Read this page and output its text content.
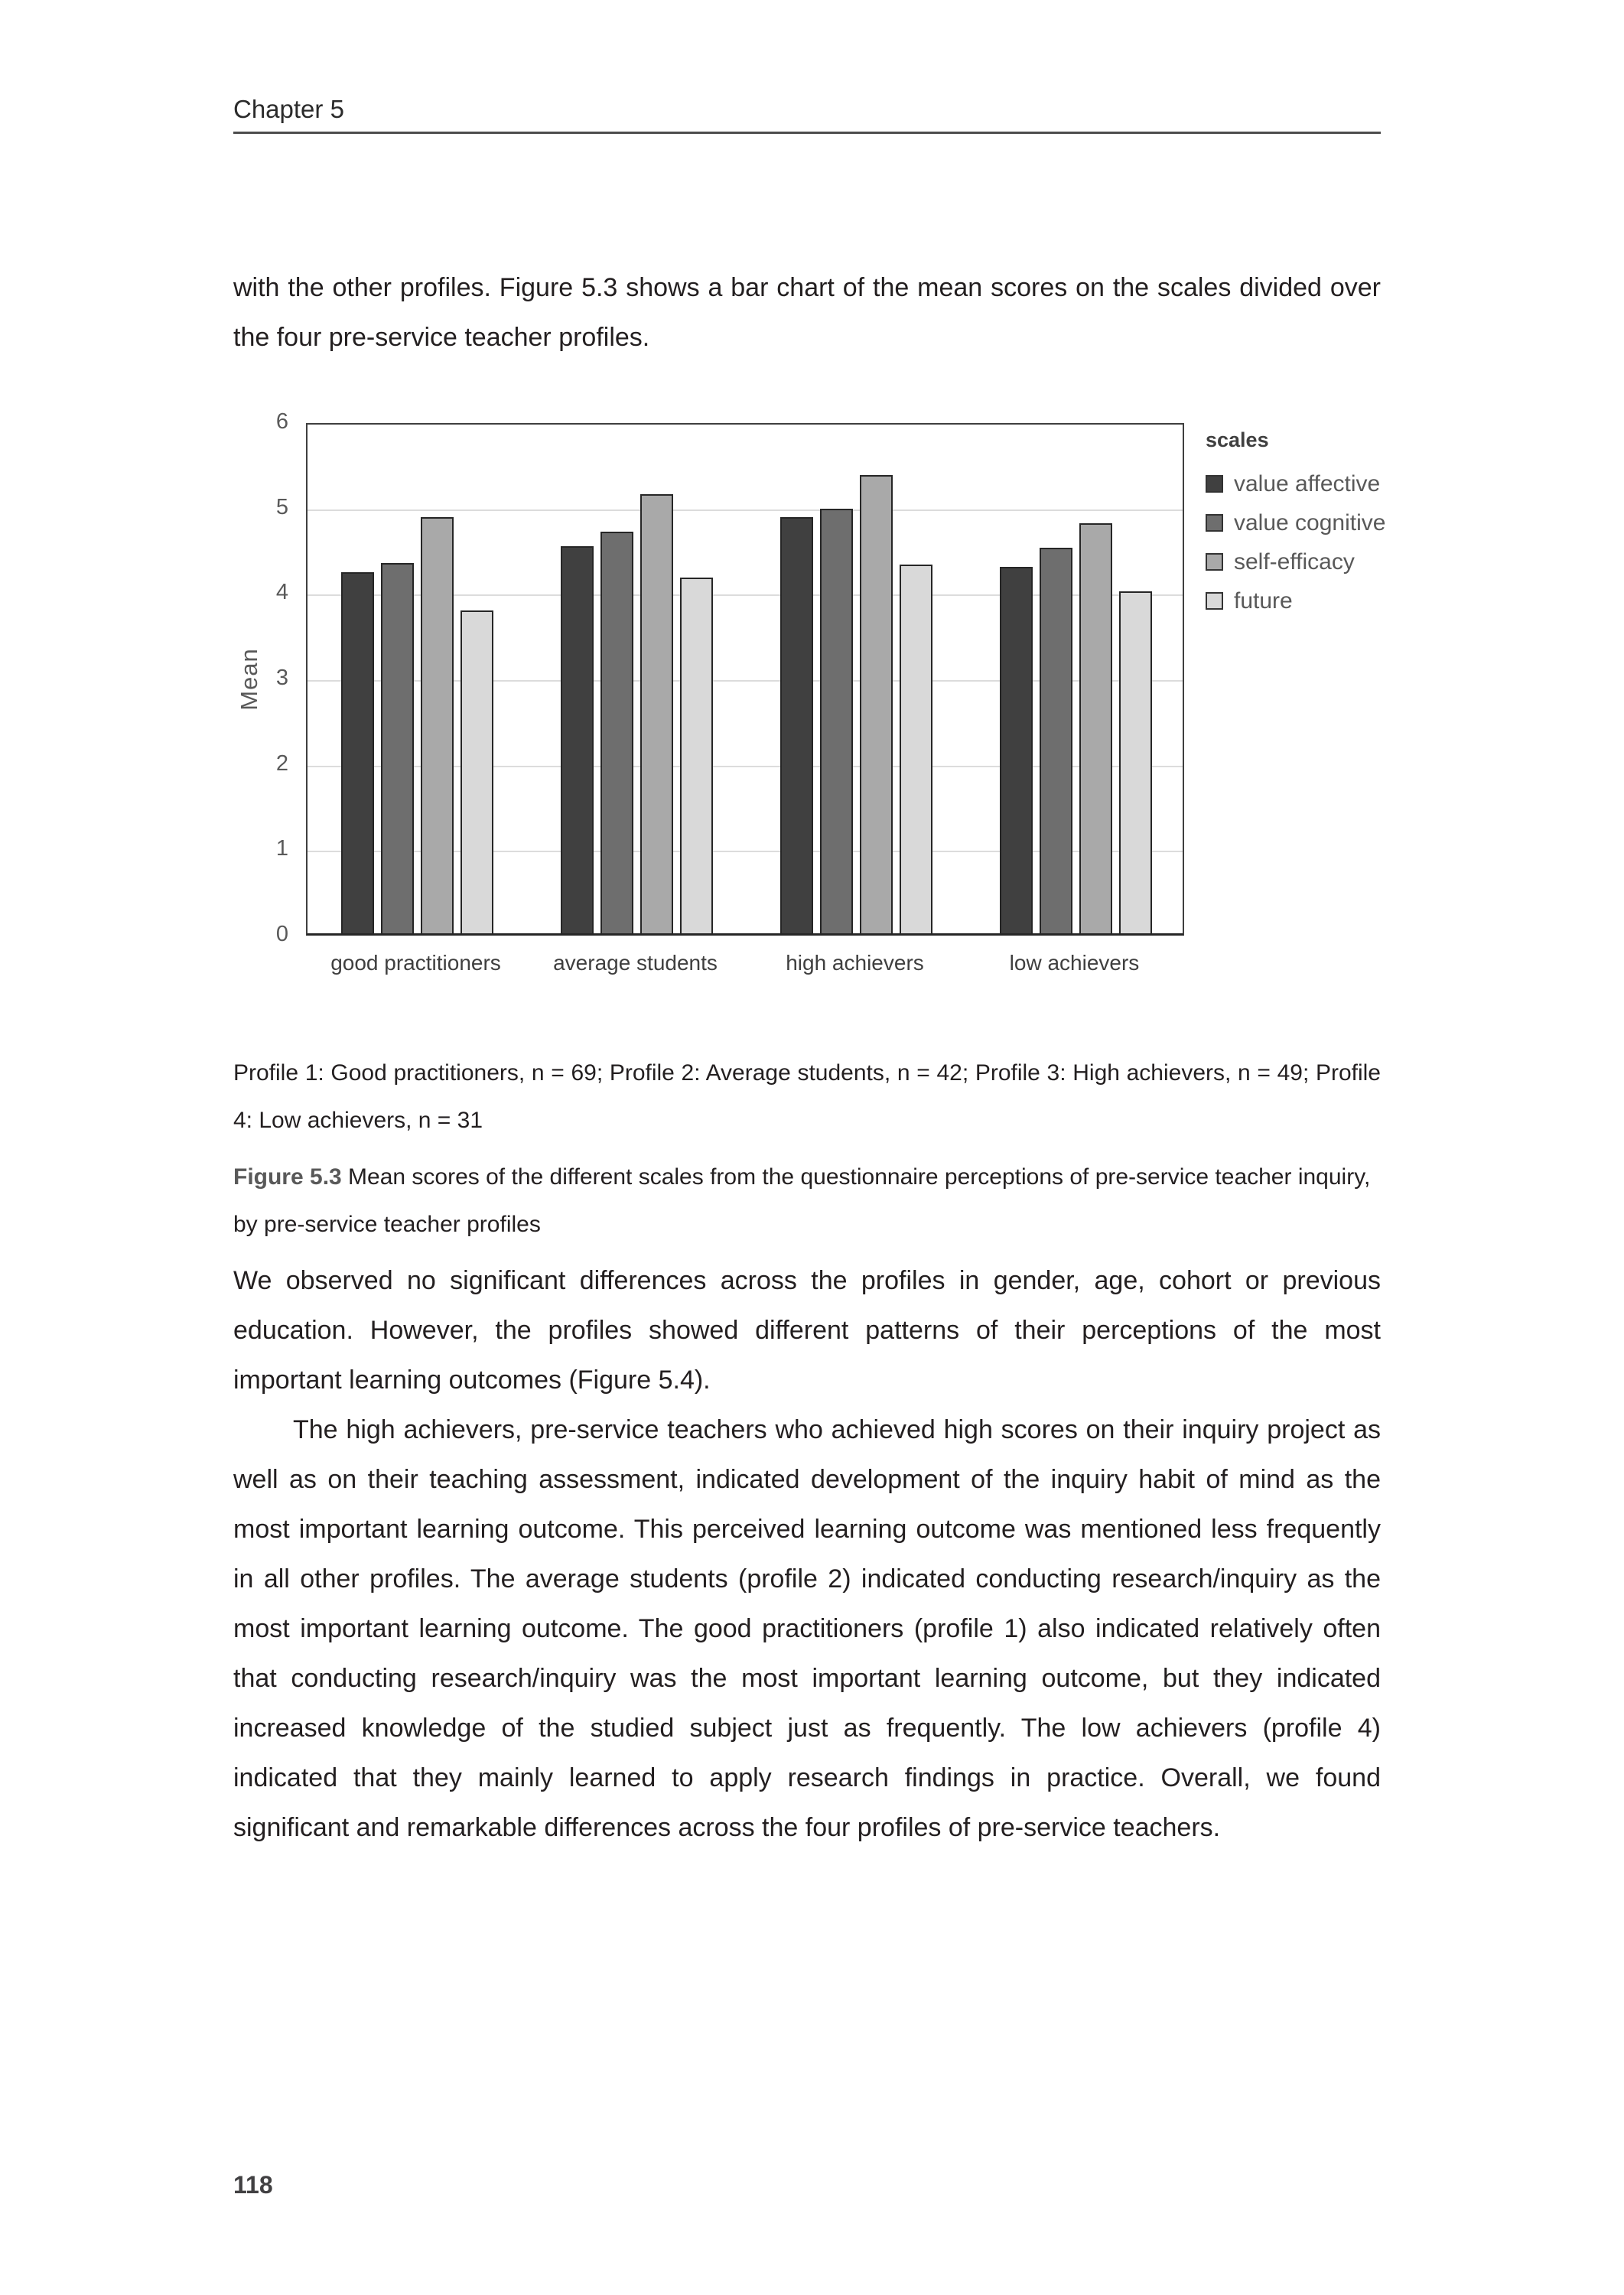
Chapter 5

with the other profiles. Figure 5.3 shows a bar chart of the mean scores on the scales divided over the four pre-service teacher profiles.

0
1
2
3
4
5
6
Mean
good practitioners	average students	high achievers	low achievers
scales
value affective
value cognitive
self-efficacy
future

Profile 1: Good practitioners, n = 69; Profile 2: Average students, n = 42; Profile 3: High achievers, n = 49; Profile 4: Low achievers, n = 31

Figure 5.3 Mean scores of the different scales from the questionnaire perceptions of pre-service teacher inquiry, by pre-service teacher profiles

We observed no significant differences across the profiles in gender, age, cohort or previous education. However, the profiles showed different patterns of their perceptions of the most important learning outcomes (Figure 5.4).

The high achievers, pre-service teachers who achieved high scores on their inquiry project as well as on their teaching assessment, indicated development of the inquiry habit of mind as the most important learning outcome. This perceived learning outcome was mentioned less frequently in all other profiles. The average students (profile 2) indicated conducting research/inquiry as the most important learning outcome. The good practitioners (profile 1) also indicated relatively often that conducting research/inquiry was the most important learning outcome, but they indicated increased knowledge of the studied subject just as frequently. The low achievers (profile 4) indicated that they mainly learned to apply research findings in practice. Overall, we found significant and remarkable differences across the four profiles of pre-service teachers.

118
